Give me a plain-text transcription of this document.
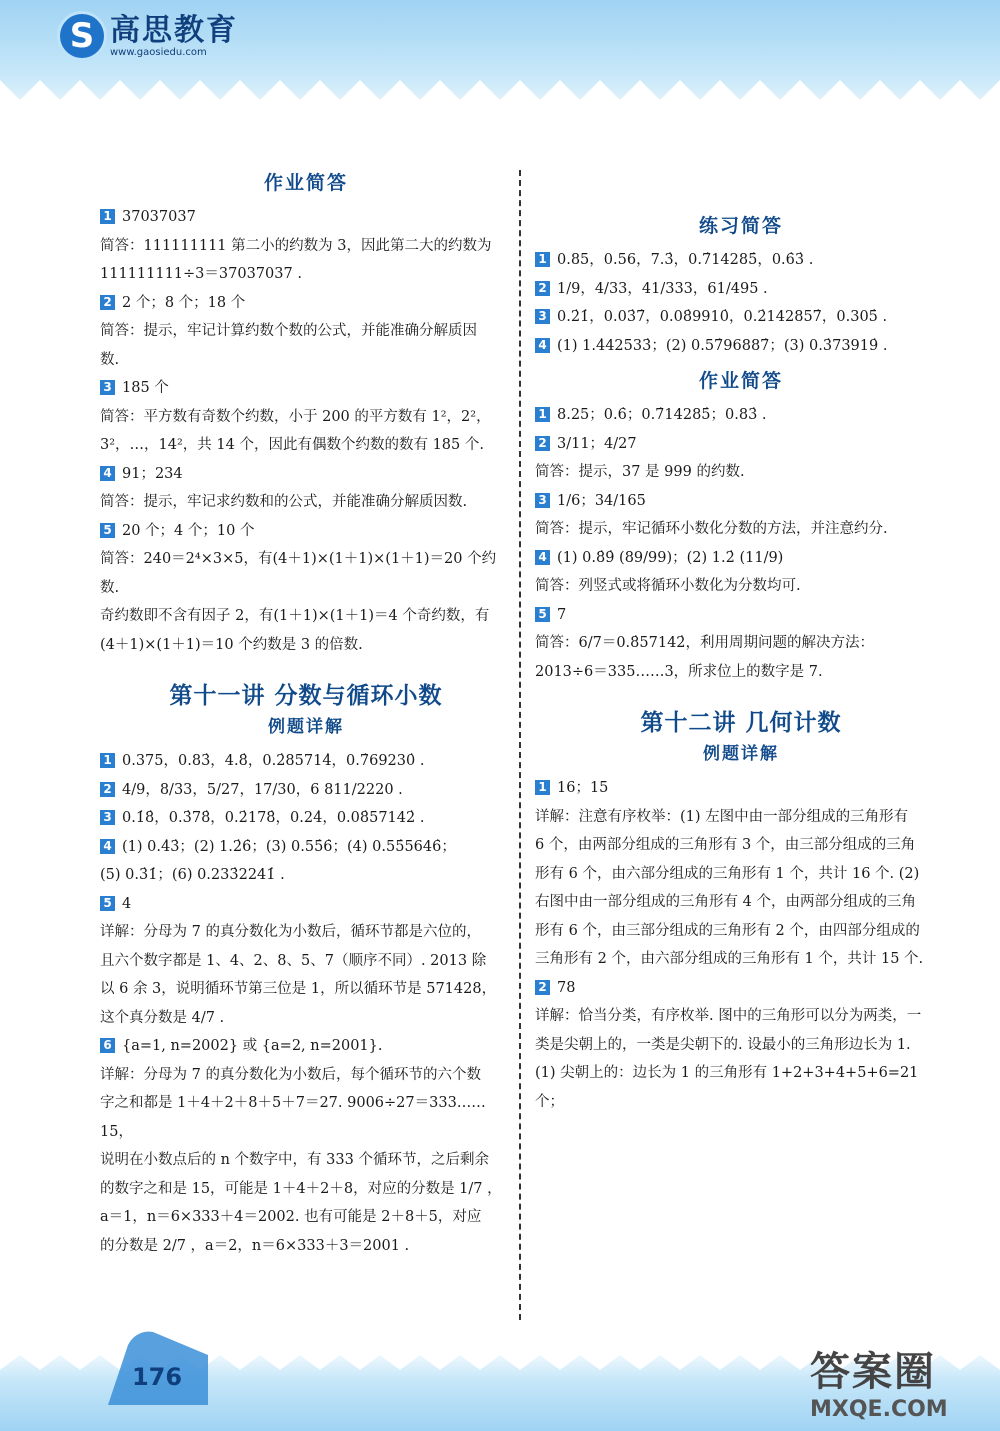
S 高思教育
www.gaosiedu.com
作业简答
1 37037037
简答：111111111 第二小的约数为 3，因此第二大的约数为
111111111÷3＝37037037 .
2 2 个；8 个；18 个
简答：提示，牢记计算约数个数的公式，并能准确分解质因
数.
3 185 个
简答：平方数有奇数个约数，小于 200 的平方数有 1²，2²，
3²，…，14²，共 14 个，因此有偶数个约数的数有 185 个.
4 91；234
简答：提示，牢记求约数和的公式，并能准确分解质因数.
5 20 个；4 个；10 个
简答：240＝2⁴×3×5，有(4＋1)×(1＋1)×(1＋1)＝20 个约数.
奇约数即不含有因子 2，有(1＋1)×(1＋1)＝4 个奇约数，有
(4＋1)×(1＋1)＝10 个约数是 3 的倍数.
第十一讲 分数与循环小数
例题详解
1 0.375，0.83̇，4.8̇，0.2̇85714̇，0.7̇69230̇ .
2 4/9，8/33，5/27，17/30，6 811/2220 .
3 0.1̇8̇，0.3̇78̇，0.2̇178̇，0.24̇，0.08̇57142̇ .
4 (1) 0.4̇3̇；(2) 1.2̇6̇；(3) 0.55̇6̇；(4) 0.55̇5646̇；
(5) 0.3̇1̇；(6) 0.233̇2241̇ .
5 4
详解：分母为 7 的真分数化为小数后，循环节都是六位的，
且六个数字都是 1、4、2、8、5、7（顺序不同）. 2013 除
以 6 余 3，说明循环节第三位是 1，所以循环节是 571428，
这个真分数是 4/7 .
6 {a=1, n=2002} 或 {a=2, n=2001}.
详解：分母为 7 的真分数化为小数后，每个循环节的六个数
字之和都是 1＋4＋2＋8＋5＋7＝27. 9006÷27＝333……15，
说明在小数点后的 n 个数字中，有 333 个循环节，之后剩余
的数字之和是 15，可能是 1＋4＋2＋8，对应的分数是 1/7 ，
a＝1，n＝6×333＋4＝2002. 也有可能是 2＋8＋5，对应
的分数是 2/7 ，a＝2，n＝6×333＋3＝2001 .
练习简答
1 0.85，0.56，7.3̇，0.7̇14285̇，0.6̇3̇ .
2 1/9，4/33，41/333，61/495 .
3 0.2̇1̇，0.03̇7̇，0.08̇9910̇，0.2̇142857̇，0.305̇ .
4 (1) 1.4̇42533̇；(2) 0.57̇96887̇；(3) 0.3̇73919̇ .
作业简答
1 8.25；0.6̇；0.7̇14285̇；0.83̇ .
2 3/11；4/27
简答：提示，37 是 999 的约数.
3 1/6；34/165
简答：提示，牢记循环小数化分数的方法，并注意约分.
4 (1) 0.8̇9̇ (89/99)；(2) 1.2̇ (11/9)
简答：列竖式或将循环小数化为分数均可.
5 7
简答：6/7＝0.8̇57142̇，利用周期问题的解决方法：
2013÷6＝335……3，所求位上的数字是 7.
第十二讲 几何计数
例题详解
1 16；15
详解：注意有序枚举：(1) 左图中由一部分组成的三角形有
6 个，由两部分组成的三角形有 3 个，由三部分组成的三角
形有 6 个，由六部分组成的三角形有 1 个，共计 16 个. (2)
右图中由一部分组成的三角形有 4 个，由两部分组成的三角
形有 6 个，由三部分组成的三角形有 2 个，由四部分组成的
三角形有 2 个，由六部分组成的三角形有 1 个，共计 15 个.
2 78
详解：恰当分类，有序枚举. 图中的三角形可以分为两类，一
类是尖朝上的，一类是尖朝下的. 设最小的三角形边长为 1.
(1) 尖朝上的：边长为 1 的三角形有 1+2+3+4+5+6=21 个；
176	答案圈
MXQE.COM
